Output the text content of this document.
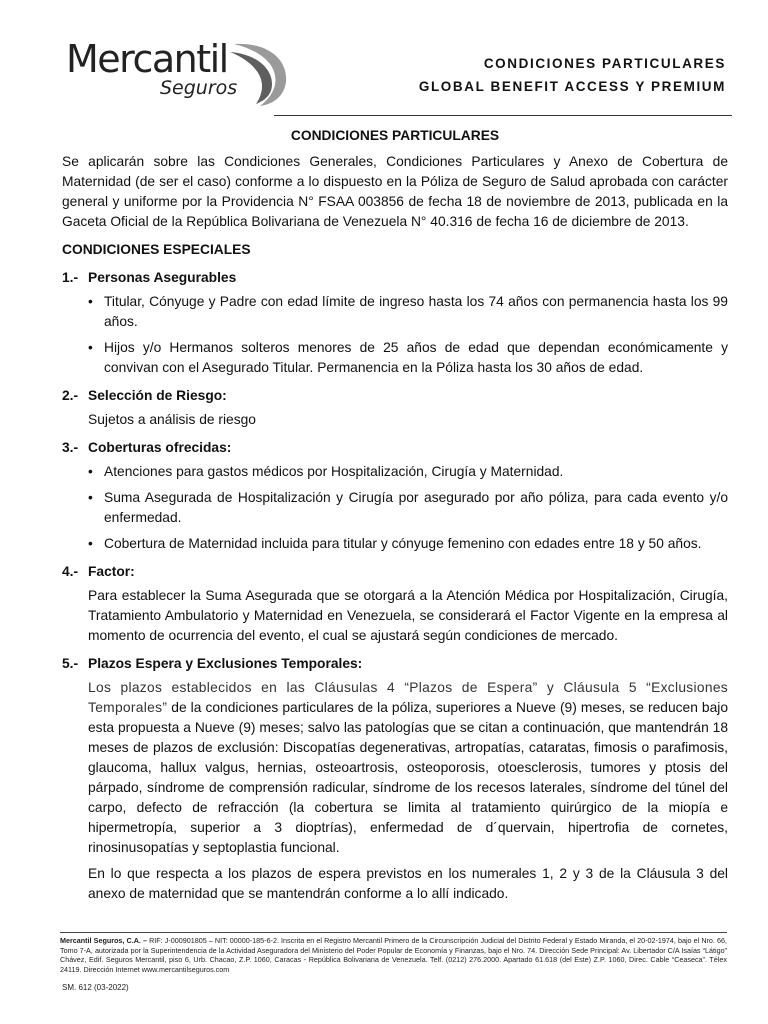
Mercantil
Seguros
CONDICIONES PARTICULARES
GLOBAL BENEFIT ACCESS Y PREMIUM
CONDICIONES PARTICULARES

Se aplicarán sobre las Condiciones Generales, Condiciones Particulares y Anexo de Cobertura de Maternidad (de ser el caso) conforme a lo dispuesto en la Póliza de Seguro de Salud aprobada con carácter general y uniforme por la Providencia N° FSAA 003856 de fecha 18 de noviembre de 2013, publicada en la Gaceta Oficial de la República Bolivariana de Venezuela N° 40.316 de fecha 16 de diciembre de 2013.

CONDICIONES ESPECIALES
1.- Personas Asegurables
• Titular, Cónyuge y Padre con edad límite de ingreso hasta los 74 años con permanencia hasta los 99 años.
• Hijos y/o Hermanos solteros menores de 25 años de edad que dependan económicamente y convivan con el Asegurado Titular. Permanencia en la Póliza hasta los 30 años de edad.
2.- Selección de Riesgo:
Sujetos a análisis de riesgo
3.- Coberturas ofrecidas:
• Atenciones para gastos médicos por Hospitalización, Cirugía y Maternidad.
• Suma Asegurada de Hospitalización y Cirugía por asegurado por año póliza, para cada evento y/o enfermedad.
• Cobertura de Maternidad incluida para titular y cónyuge femenino con edades entre 18 y 50 años.
4.- Factor:
Para establecer la Suma Asegurada que se otorgará a la Atención Médica por Hospitalización, Cirugía, Tratamiento Ambulatorio y Maternidad en Venezuela, se considerará el Factor Vigente en la empresa al momento de ocurrencia del evento, el cual se ajustará según condiciones de mercado.
5.- Plazos Espera y Exclusiones Temporales:
Los plazos establecidos en las Cláusulas 4 “Plazos de Espera” y Cláusula 5 “Exclusiones Temporales” de la condiciones particulares de la póliza, superiores a Nueve (9) meses, se reducen bajo esta propuesta a Nueve (9) meses; salvo las patologías que se citan a continuación, que mantendrán 18 meses de plazos de exclusión: Discopatías degenerativas, artropatías, cataratas, fimosis o parafimosis, glaucoma, hallux valgus, hernias, osteoartrosis, osteoporosis, otoesclerosis, tumores y ptosis del párpado, síndrome de comprensión radicular, síndrome de los recesos laterales, síndrome del túnel del carpo, defecto de refracción (la cobertura se limita al tratamiento quirúrgico de la miopía e hipermetropía, superior a 3 dioptrías), enfermedad de d´quervain, hipertrofia de cornetes, rinosinusopatías y septoplastia funcional.
En lo que respecta a los plazos de espera previstos en los numerales 1, 2 y 3 de la Cláusula 3 del anexo de maternidad que se mantendrán conforme a lo allí indicado.
Mercantil Seguros, C.A. – RIF: J-000901805 – NIT: 00000-185-6-2. Inscrita en el Registro Mercantil Primero de la Circunscripción Judicial del Distrito Federal y Estado Miranda, el 20-02-1974, bajo el Nro. 66, Tomo 7-A, autorizada por la Superintendencia de la Actividad Aseguradora del Ministerio del Poder Popular de Economía y Finanzas, bajo el Nro. 74. Dirección Sede Principal: Av. Libertador C/A Isaías “Látigo” Chávez, Edif. Seguros Mercantil, piso 6, Urb. Chacao, Z.P. 1060, Caracas - República Bolivariana de Venezuela. Telf. (0212) 276.2000. Apartado 61.618 (del Este) Z.P. 1060, Direc. Cable “Ceaseca”. Télex 24119. Dirección Internet www.mercantilseguros.com
SM. 612 (03-2022)
